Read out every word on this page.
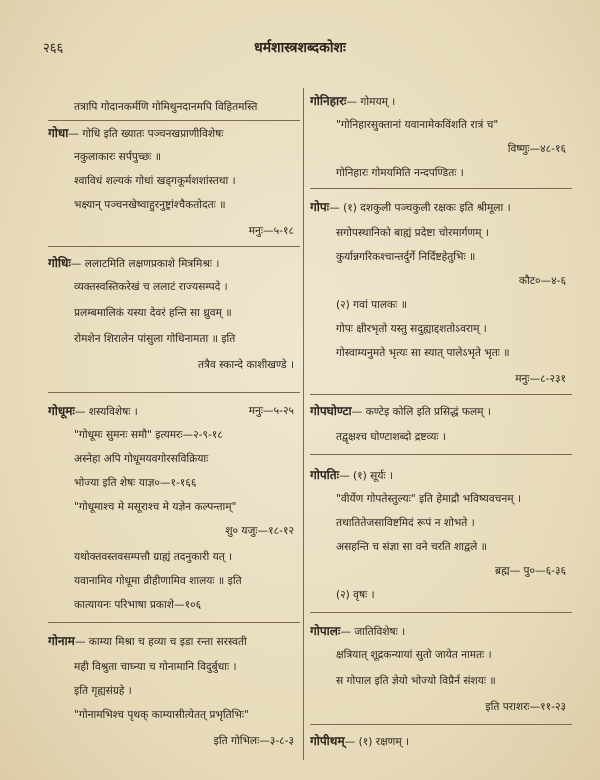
२६६	धर्मशास्त्रशब्दकोशः
तत्रापि गोदानकर्मणि गोमिथुनदानमपि विहितमस्ति
गोधा— गोधि इति ख्यातः पञ्चनखप्राणीविशेषः
नकुलाकारः सर्पपुच्छः ॥
श्वाविधं शल्यकं गोधां खड्गकूर्मशशांस्तथा ।
भक्ष्यान् पञ्चनखेष्वाहुरनुष्ट्रांश्चैकतोदतः ॥
मनुः—५-१८
गोधिः— ललाटमिति लक्षणप्रकाशे मित्रमिश्रः ।
व्यक्तस्वस्तिकरेखं च ललाटं राज्यसम्पदे ।
प्रलम्बमालिकं यस्या देवरं हन्ति सा ध्रुवम् ॥
रोमशेन शिरालेन पांसुला गोधिनामता ॥ इति
तत्रैव स्कान्दे काशीखण्डे ।
गोधूमः— शस्यविशेषः ।	मनुः—५-२५
"गोधूमः सुमनः समौ" इत्यमरः—२-९-१८
अस्नेहा अपि गोधूमयवगोरसविक्रियाः
भोज्या इति शेषः याज्ञ०—१-१६६
"गोधूमाश्च मे मसूराश्च मे यज्ञेन कल्पन्ताम्"
शु० यजुः—१८-१२
यथोक्तवस्तवसम्पत्तौ ग्राह्यं तदनुकारी यत् ।
यवानामिव गोधूमा व्रीहीणामिव शालयः ॥ इति
कात्यायनः परिभाषा प्रकाशे—१०६
गोनाम— काम्या मिश्रा च हव्या च इडा रन्ता सरस्वती
मही विश्रुता चाघ्न्या च गोनामानि विदुर्बुधाः ।
इति गृह्यसंग्रहे ।
"गोनामभिश्च पृथक् काम्यासीत्येतत् प्रभृतिभिः"
इति गोभिलः—३-८-३
गोनिहारः— गोमयम् ।
"गोनिहारसुक्तानां यवानामेकविंशति रात्रं च"
विष्णुः—४८-१६
गोनिहारः गोमयमिति नन्दपण्डितः ।
गोपः— (१) दशकुली पञ्चकुली रक्षकः इति श्रीमूला ।
सगोपस्थानिको बाह्यं प्रदेष्टा चोरमार्गणम् ।
कुर्यान्नगरिकश्चान्तर्दुर्गे निर्दिष्टहेतुभिः ॥
कौट०—४-६
(२) गवां पालकः ॥
गोपः क्षीरभृतो यस्तु सदुह्याद्दशतोऽवराम् ।
गोस्वाम्यनुमते भृत्यः सा स्यात् पालेऽभृते भृतः ॥
मनुः—८-२३१
गोपघोण्टा— कण्टेइ कोलि इति प्रसिद्धं फलम् ।
तद्वृक्षश्च घोण्टाशब्दो द्रष्टव्यः ।
गोपतिः— (१) सूर्यः ।
"वीर्येण गोपतेस्तुल्यः" इति हेमाद्रौ भविष्यवचनम् ।
तथातितेजसाविष्टमिदं रूपं न शोभते ।
असहन्ति च संज्ञा सा वने चरति शाद्वले ॥
ब्रह्म— पु०—६-३६
(२) वृषः ।
गोपालः— जातिविशेषः ।
क्षत्रियात् शूद्रकन्यायां सुतो जायेत नामतः ।
स गोपाल इति ज्ञेयो भोज्यो विप्रैर्न संशयः ॥
इति पराशरः—११-२३
गोपीथम्— (१) रक्षणम् ।
